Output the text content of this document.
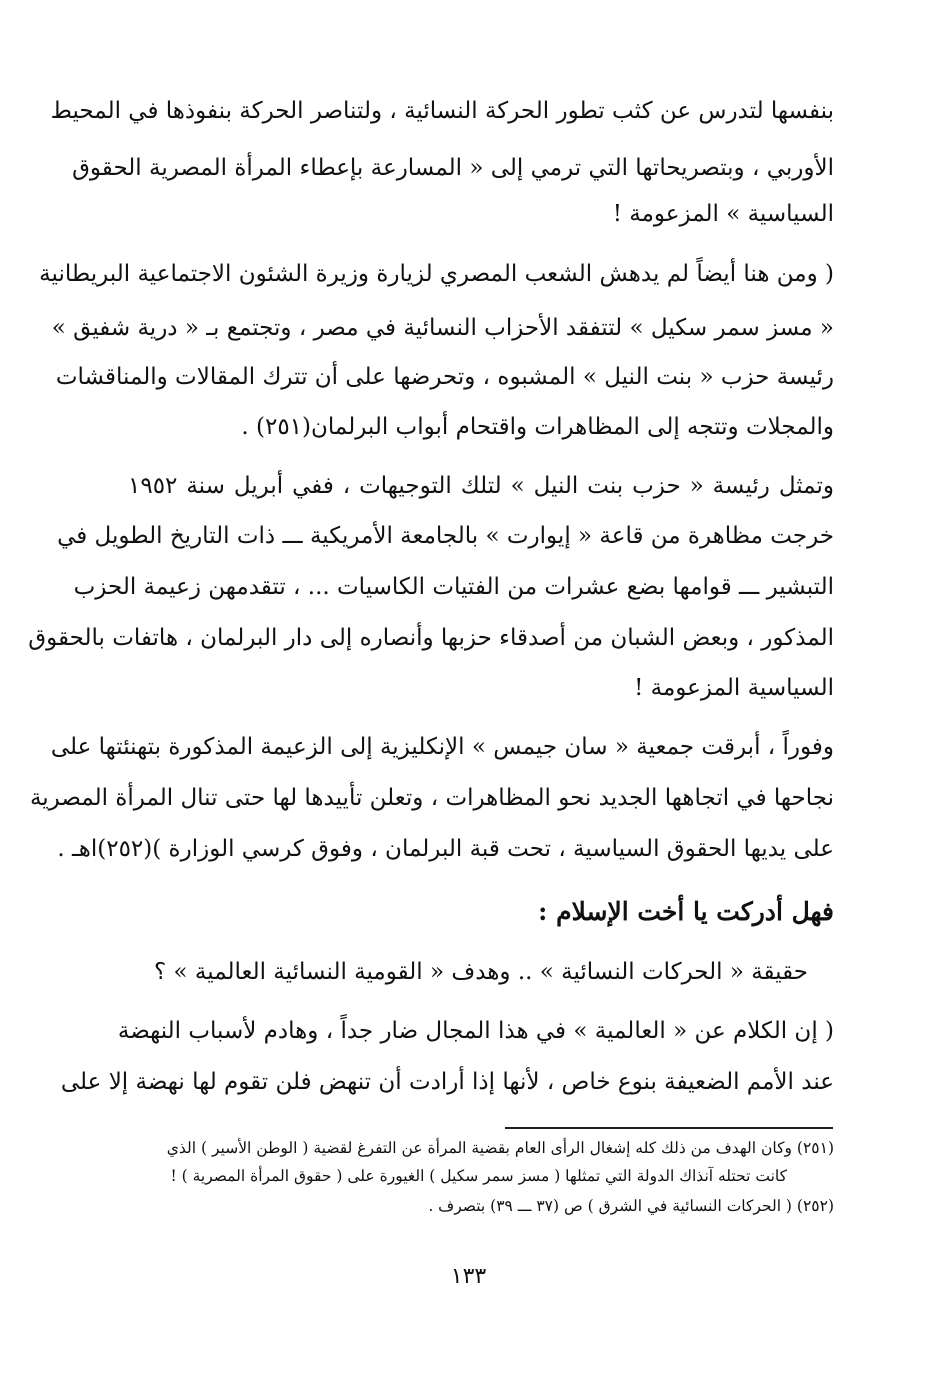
بنفسها لتدرس عن كثب تطور الحركة النسائية ، ولتناصر الحركة بنفوذها في المحيط
الأوربي ، وبتصريحاتها التي ترمي إلى « المسارعة بإعطاء المرأة المصرية الحقوق
السياسية » المزعومة !
( ومن هنا أيضاً لم يدهش الشعب المصري لزيارة وزيرة الشئون الاجتماعية البريطانية
« مسز سمر سكيل » لتتفقد الأحزاب النسائية في مصر ، وتجتمع بـ « درية شفيق »
رئيسة حزب « بنت النيل » المشبوه ، وتحرضها على أن تترك المقالات والمناقشات
والمجلات وتتجه إلى المظاهرات واقتحام أبواب البرلمان(٢٥١) .
وتمثل رئيسة « حزب بنت النيل » لتلك التوجيهات ، ففي أبريل سنة ١٩٥٢
خرجت مظاهرة من قاعة « إيوارت » بالجامعة الأمريكية ـــ ذات التاريخ الطويل في
التبشير ـــ قوامها بضع عشرات من الفتيات الكاسيات ... ، تتقدمهن زعيمة الحزب
المذكور ، وبعض الشبان من أصدقاء حزبها وأنصاره إلى دار البرلمان ، هاتفات بالحقوق
السياسية المزعومة !
وفوراً ، أبرقت جمعية « سان جيمس » الإنكليزية إلى الزعيمة المذكورة بتهنئتها على
نجاحها في اتجاهها الجديد نحو المظاهرات ، وتعلن تأييدها لها حتى تنال المرأة المصرية
على يديها الحقوق السياسية ، تحت قبة البرلمان ، وفوق كرسي الوزارة )(٢٥٢)اهـ .
فهل أدركت يا أخت الإسلام :
حقيقة « الحركات النسائية » .. وهدف « القومية النسائية العالمية » ؟
( إن الكلام عن « العالمية » في هذا المجال ضار جداً ، وهادم لأسباب النهضة
عند الأمم الضعيفة بنوع خاص ، لأنها إذا أرادت أن تنهض فلن تقوم لها نهضة إلا على
(٢٥١) وكان الهدف من ذلك كله إشغال الرأى العام بقضية المرأة عن التفرغ لقضية ( الوطن الأسير ) الذي
كانت تحتله آنذاك الدولة التي تمثلها ( مسز سمر سكيل ) الغيورة على ( حقوق المرأة المصرية ) !
(٢٥٢) ( الحركات النسائية في الشرق ) ص (٣٧ ـــ ٣٩) بتصرف .
١٣٣
